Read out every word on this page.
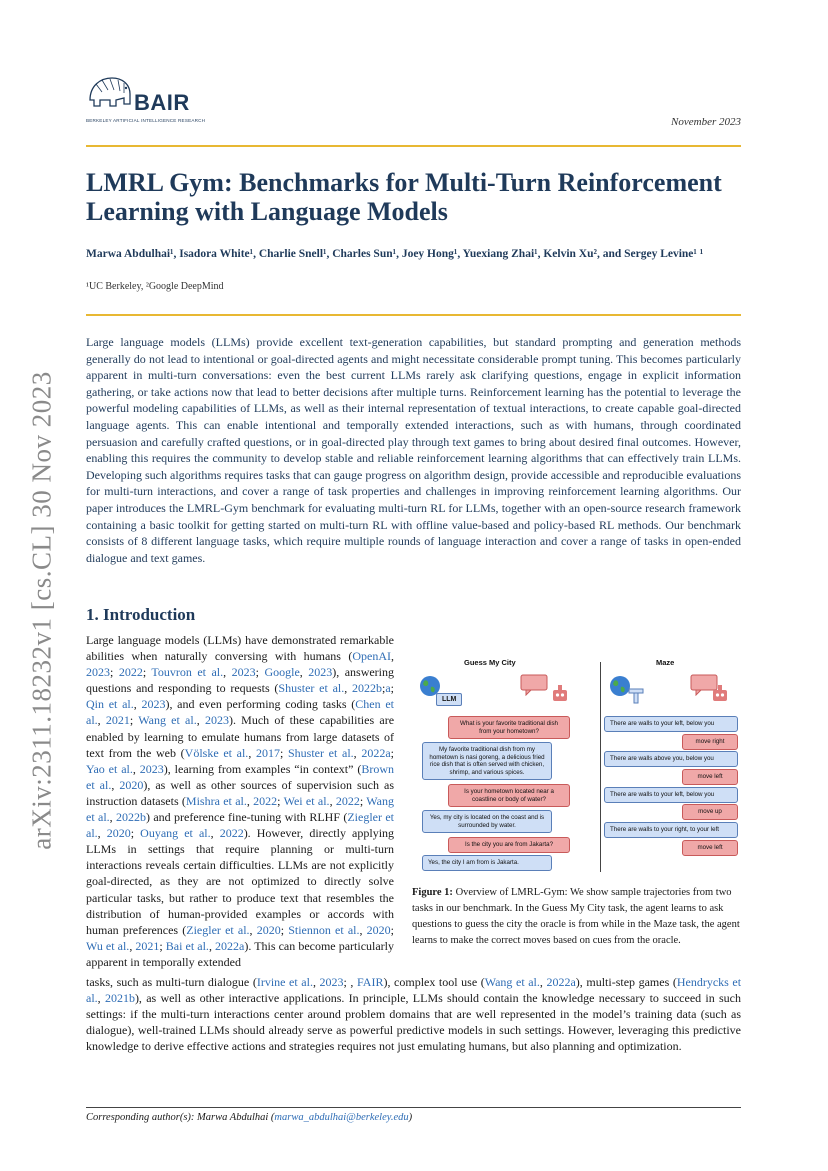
arXiv:2311.18232v1 [cs.CL] 30 Nov 2023
BAIR
BERKELEY ARTIFICIAL INTELLIGENCE RESEARCH	November 2023
LMRL Gym: Benchmarks for Multi-Turn Reinforcement Learning with Language Models
Marwa Abdulhai¹, Isadora White¹, Charlie Snell¹, Charles Sun¹, Joey Hong¹, Yuexiang Zhai¹, Kelvin Xu², and Sergey Levine¹ ¹
¹UC Berkeley, ²Google DeepMind
Large language models (LLMs) provide excellent text-generation capabilities, but standard prompting and generation methods generally do not lead to intentional or goal-directed agents and might necessitate considerable prompt tuning. This becomes particularly apparent in multi-turn conversations: even the best current LLMs rarely ask clarifying questions, engage in explicit information gathering, or take actions now that lead to better decisions after multiple turns. Reinforcement learning has the potential to leverage the powerful modeling capabilities of LLMs, as well as their internal representation of textual interactions, to create capable goal-directed language agents. This can enable intentional and temporally extended interactions, such as with humans, through coordinated persuasion and carefully crafted questions, or in goal-directed play through text games to bring about desired final outcomes. However, enabling this requires the community to develop stable and reliable reinforcement learning algorithms that can effectively train LLMs. Developing such algorithms requires tasks that can gauge progress on algorithm design, provide accessible and reproducible evaluations for multi-turn interactions, and cover a range of task properties and challenges in improving reinforcement learning algorithms. Our paper introduces the LMRL-Gym benchmark for evaluating multi-turn RL for LLMs, together with an open-source research framework containing a basic toolkit for getting started on multi-turn RL with offline value-based and policy-based RL methods. Our benchmark consists of 8 different language tasks, which require multiple rounds of language interaction and cover a range of tasks in open-ended dialogue and text games.
1. Introduction
Large language models (LLMs) have demonstrated remarkable abilities when naturally conversing with humans (OpenAI, 2023; 2022; Touvron et al., 2023; Google, 2023), answering questions and responding to requests (Shuster et al., 2022b;a; Qin et al., 2023), and even performing coding tasks (Chen et al., 2021; Wang et al., 2023). Much of these capabilities are enabled by learning to emulate humans from large datasets of text from the web (Völske et al., 2017; Shuster et al., 2022a; Yao et al., 2023), learning from examples “in context” (Brown et al., 2020), as well as other sources of supervision such as instruction datasets (Mishra et al., 2022; Wei et al., 2022; Wang et al., 2022b) and preference fine-tuning with RLHF (Ziegler et al., 2020; Ouyang et al., 2022). However, directly applying LLMs in settings that require planning or multi-turn interactions reveals certain difficulties. LLMs are not explicitly goal-directed, as they are not optimized to directly solve particular tasks, but rather to produce text that resembles the distribution of human-provided examples or accords with human preferences (Ziegler et al., 2020; Stiennon et al., 2020; Wu et al., 2021; Bai et al., 2022a). This can become particularly apparent in temporally extended
Guess My City	Maze
LLM
What is your favorite traditional dish from your hometown?
My favorite traditional dish from my hometown is nasi goreng, a delicious fried rice dish that is often served with chicken, shrimp, and various spices.
Is your hometown located near a coastline or body of water?
Yes, my city is located on the coast and is surrounded by water.
Is the city you are from Jakarta?
Yes, the city I am from is Jakarta.
There are walls to your left, below you
move right
There are walls above you, below you
move left
There are walls to your left, below you
move up
There are walls to your right, to your left
move left
Figure 1: Overview of LMRL-Gym: We show sample trajectories from two tasks in our benchmark. In the Guess My City task, the agent learns to ask questions to guess the city the oracle is from while in the Maze task, the agent learns to make the correct moves based on cues from the oracle.
tasks, such as multi-turn dialogue (Irvine et al., 2023; , FAIR), complex tool use (Wang et al., 2022a), multi-step games (Hendrycks et al., 2021b), as well as other interactive applications. In principle, LLMs should contain the knowledge necessary to succeed in such settings: if the multi-turn interactions center around problem domains that are well represented in the model’s training data (such as dialogue), well-trained LLMs should already serve as powerful predictive models in such settings. However, leveraging this predictive knowledge to derive effective actions and strategies requires not just emulating humans, but also planning and optimization.
Corresponding author(s): Marwa Abdulhai (marwa_abdulhai@berkeley.edu)
